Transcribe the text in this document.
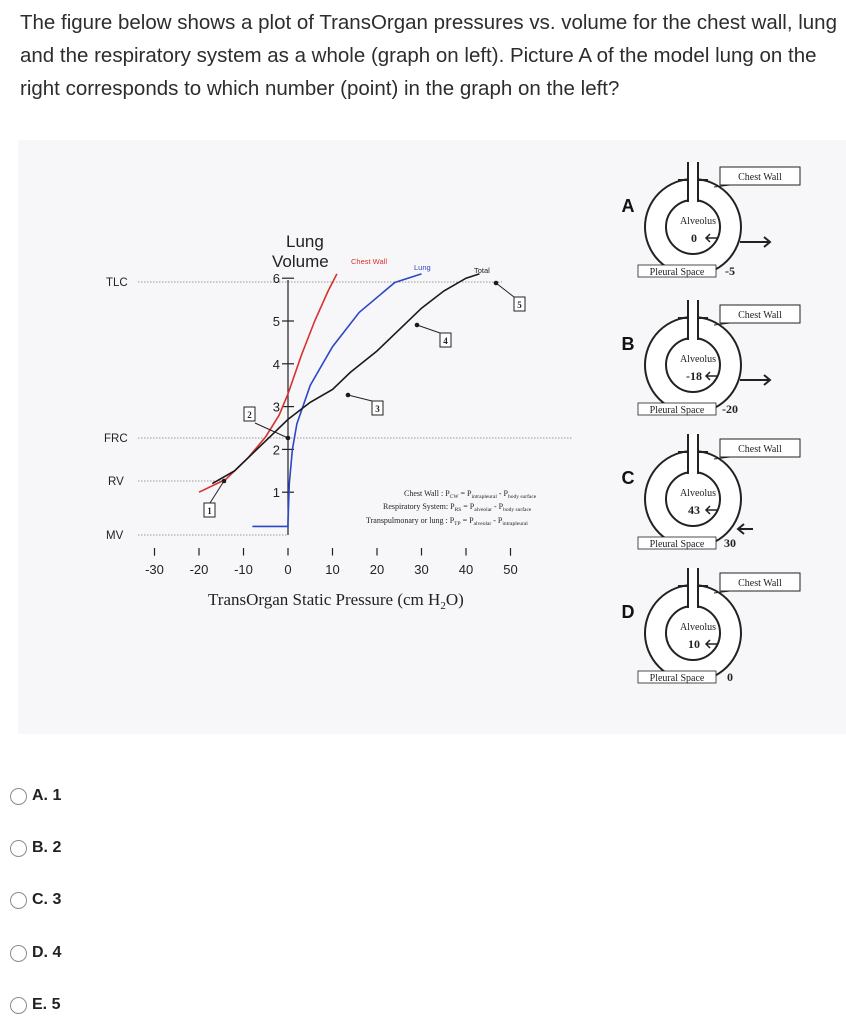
The figure below shows a plot of TransOrgan pressures vs. volume for the chest wall, lung and the respiratory system as a whole (graph on left). Picture A of the model lung on the right corresponds to which number (point) in the graph on the left?

TLC
FRC
RV
MV
Lung
Volume
1
2
3
4
5
6
-30 -20 -10 0	10 20 30 40 50
Chest Wall
Lung	Total
1
2
3
4
5
Chest Wall : $P_{CW} = P_{intrapleural} - P_{body surface}$
Respiratory System: $P_{RS} = P_{alveolar} - P_{body surface}$
Transpulmonary or lung : $P_{TP} = P_{alveolar} - P_{intrapleural}$
TransOrgan Static Pressure (cm $H_2O$)
Chest Wall
Alveolus
0
Pleural Space -5
A
Chest Wall
Alveolus
-18
Pleural Space -20
B
Chest Wall
Alveolus
43
Pleural Space 30
C
Chest Wall
Alveolus
10
Pleural Space 0
D
A. 1
B. 2
C. 3
D. 4
E. 5
